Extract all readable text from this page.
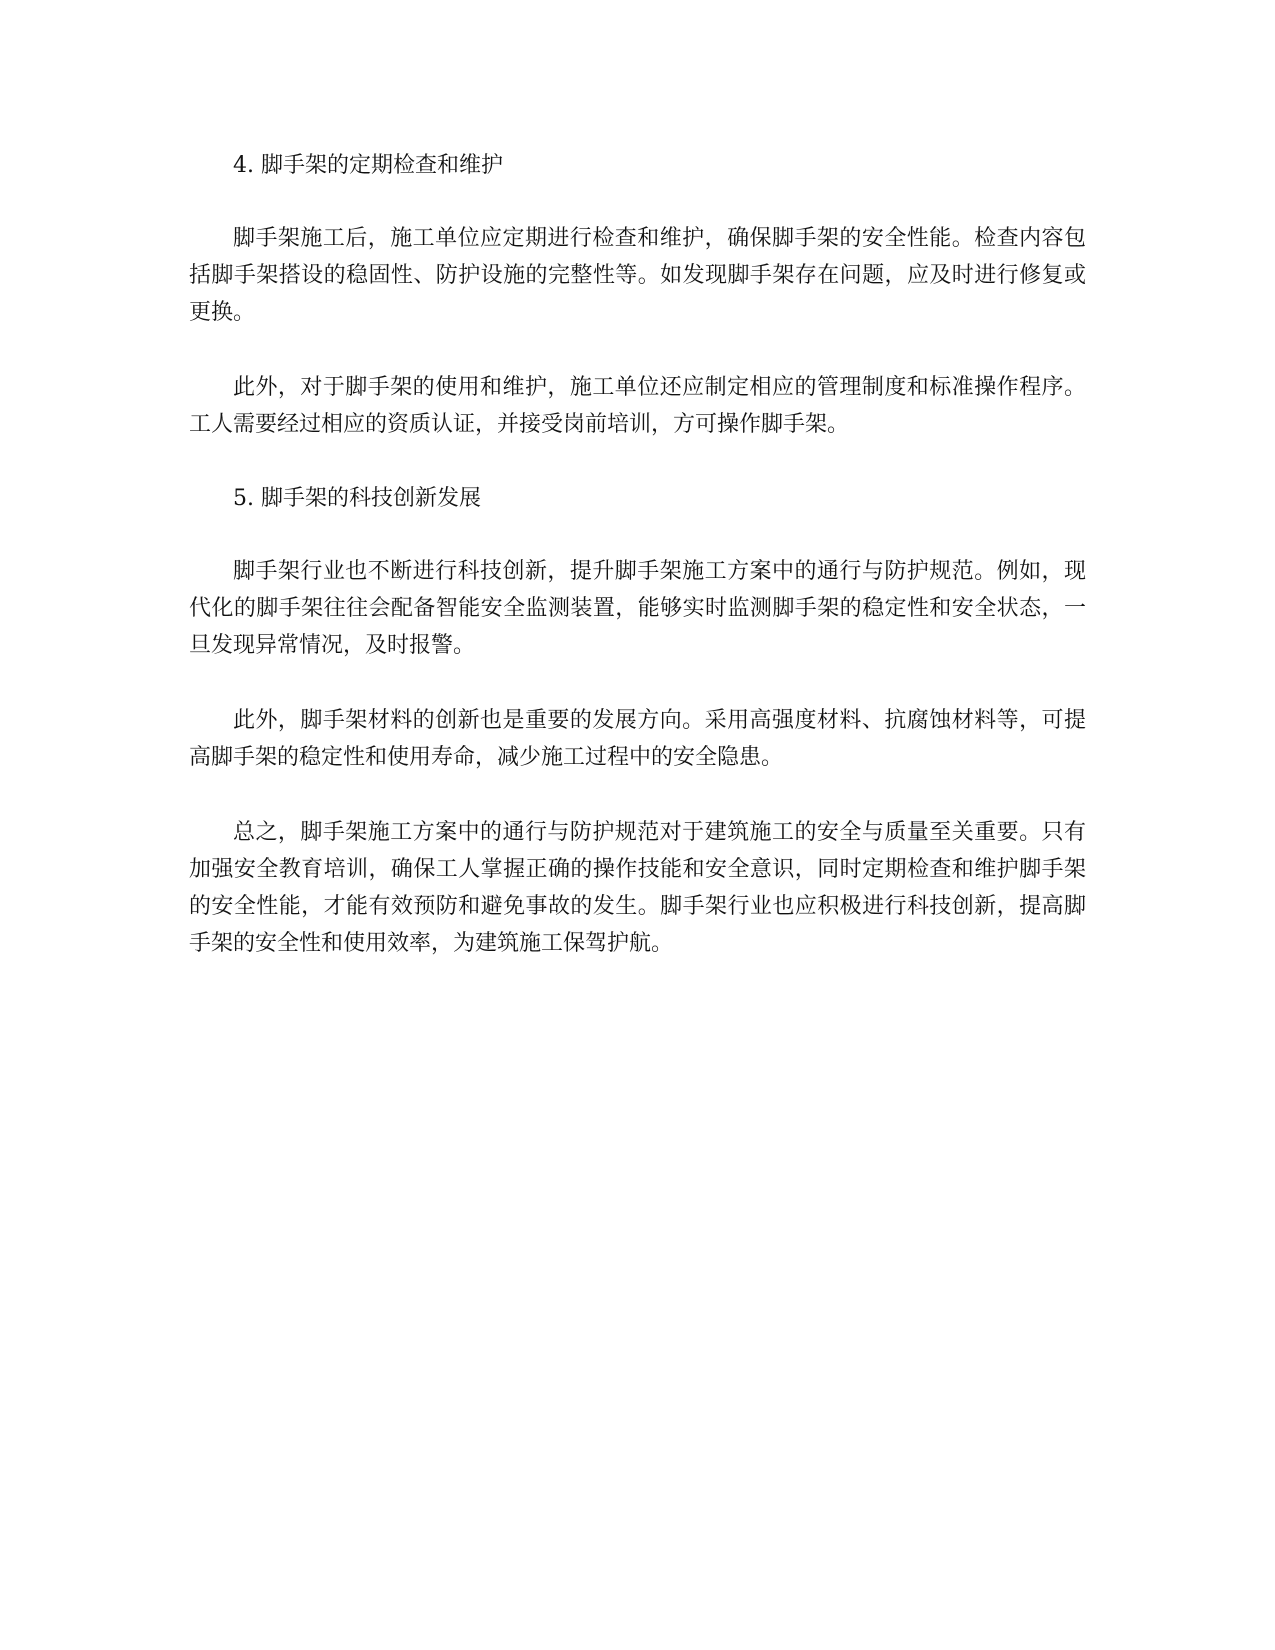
4. 脚手架的定期检查和维护

脚手架施工后，施工单位应定期进行检查和维护，确保脚手架的安全性能。检查内容包括脚手架搭设的稳固性、防护设施的完整性等。如发现脚手架存在问题，应及时进行修复或更换。

此外，对于脚手架的使用和维护，施工单位还应制定相应的管理制度和标准操作程序。工人需要经过相应的资质认证，并接受岗前培训，方可操作脚手架。

5. 脚手架的科技创新发展

脚手架行业也不断进行科技创新，提升脚手架施工方案中的通行与防护规范。例如，现代化的脚手架往往会配备智能安全监测装置，能够实时监测脚手架的稳定性和安全状态，一旦发现异常情况，及时报警。

此外，脚手架材料的创新也是重要的发展方向。采用高强度材料、抗腐蚀材料等，可提高脚手架的稳定性和使用寿命，减少施工过程中的安全隐患。

总之，脚手架施工方案中的通行与防护规范对于建筑施工的安全与质量至关重要。只有加强安全教育培训，确保工人掌握正确的操作技能和安全意识，同时定期检查和维护脚手架的安全性能，才能有效预防和避免事故的发生。脚手架行业也应积极进行科技创新，提高脚手架的安全性和使用效率，为建筑施工保驾护航。
